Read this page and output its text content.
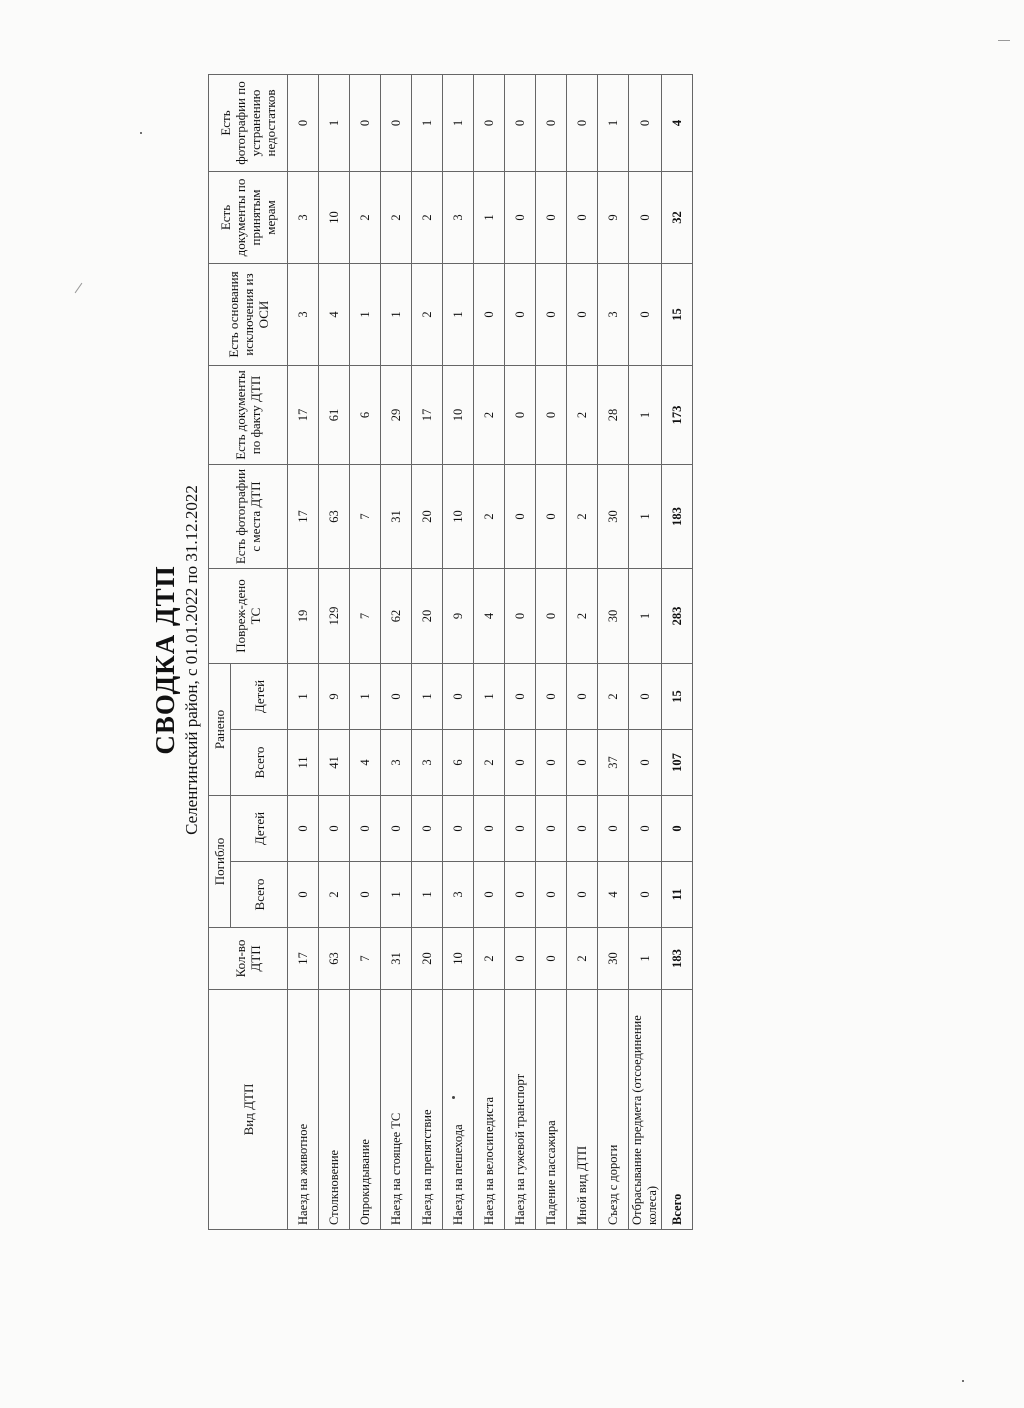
СВОДКА ДТП Селенгинский район, с 01.01.2022 по 31.12.2022
Вид ДТП	Кол-во ДТП	Погибло		Ранено		Повреж-дено ТС	Есть фотографии с места ДТП	Есть документы по факту ДТП	Есть основания исключения из ОСИ	Есть документы по принятым мерам	Есть фотографии по устранению недостатков
		Всего	Детей	Всего	Детей						
Наезд на животное	17	0	0	11	1	19	17	17	3	3	0
Столкновение	63	2	0	41	9	129	63	61	4	10	1
Опрокидывание	7	0	0	4	1	7	7	6	1	2	0
Наезд на стоящее ТС	31	1	0	3	0	62	31	29	1	2	0
Наезд на препятствие	20	1	0	3	1	20	20	17	2	2	1
Наезд на пешехода	10	3	0	6	0	9	10	10	1	3	1
Наезд на велосипедиста	2	0	0	2	1	4	2	2	0	1	0
Наезд на гужевой транспорт	0	0	0	0	0	0	0	0	0	0	0
Падение пассажира	0	0	0	0	0	0	0	0	0	0	0
Иной вид ДТП	2	0	0	0	0	2	2	2	0	0	0
Съезд с дороги	30	4	0	37	2	30	30	28	3	9	1
Отбрасывание предмета (отсоединение колеса)	1	0	0	0	0	1	1	1	0	0	0
Всего	183	11	0	107	15	283	183	173	15	32	4
